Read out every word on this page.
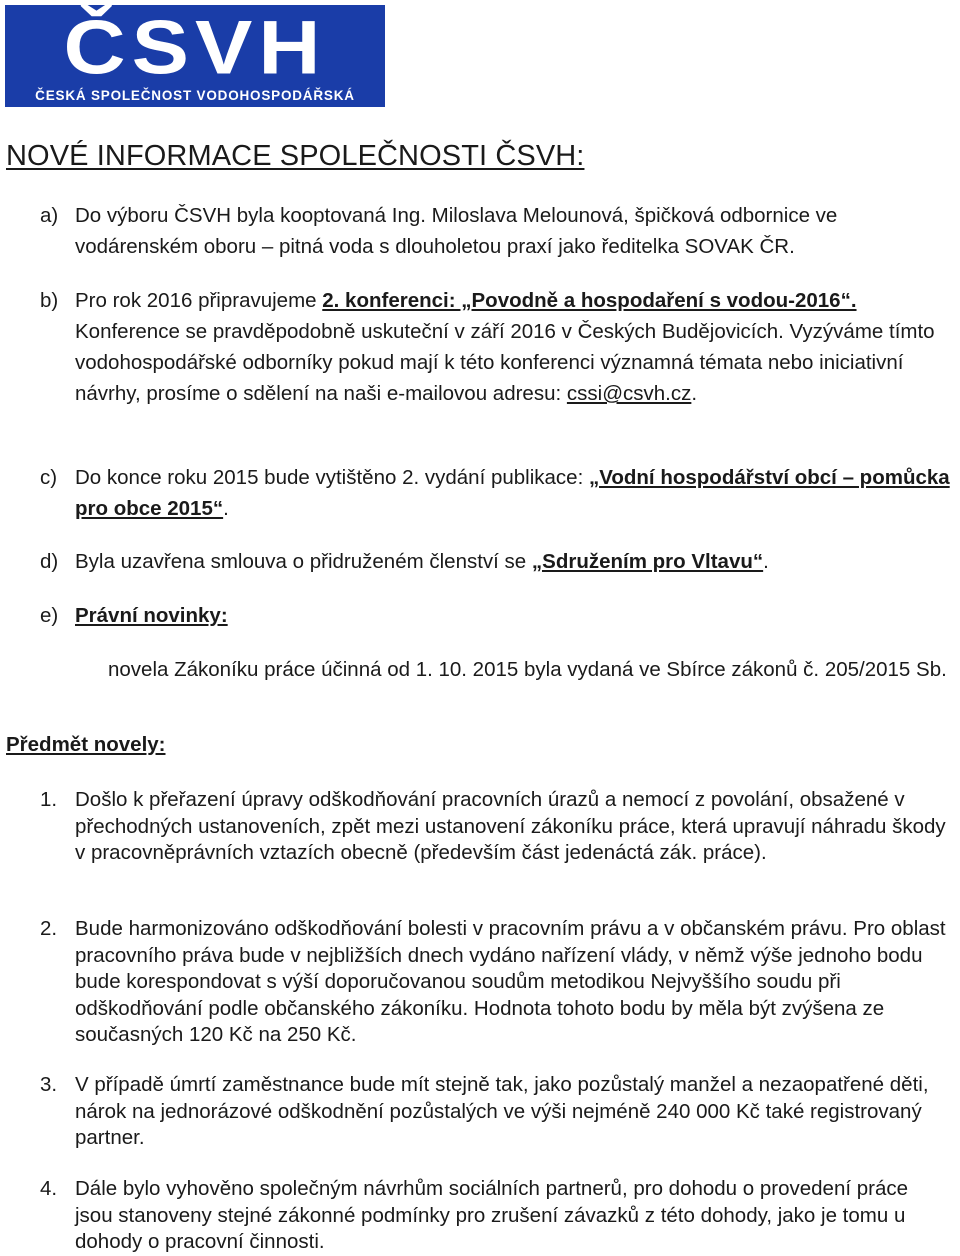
ČSVH
ČESKÁ SPOLEČNOST VODOHOSPODÁŘSKÁ
NOVÉ INFORMACE SPOLEČNOSTI ČSVH:
a) Do výboru ČSVH byla kooptovaná Ing. Miloslava Melounová, špičková odbornice ve vodárenském oboru – pitná voda s dlouholetou praxí jako ředitelka SOVAK ČR.
b) Pro rok 2016 připravujeme 2. konferenci: „Povodně a hospodaření s vodou-2016“. Konference se pravděpodobně uskuteční v září 2016 v Českých Budějovicích. Vyzýváme tímto vodohospodářské odborníky pokud mají k této konferenci významná témata nebo iniciativní návrhy, prosíme o sdělení na naši e-mailovou adresu: cssi@csvh.cz.
c) Do konce roku 2015 bude vytištěno 2. vydání publikace: „Vodní hospodářství obcí – pomůcka pro obce 2015“.
d) Byla uzavřena smlouva o přidruženém členství se „Sdružením pro Vltavu“.
e) Právní novinky:
novela Zákoníku práce účinná od 1. 10. 2015 byla vydaná ve Sbírce zákonů č. 205/2015 Sb.
Předmět novely:
1. Došlo k přeřazení úpravy odškodňování pracovních úrazů a nemocí z povolání, obsažené v přechodných ustanoveních, zpět mezi ustanovení zákoníku práce, která upravují náhradu škody v pracovněprávních vztazích obecně (především část jedenáctá zák. práce).
2. Bude harmonizováno odškodňování bolesti v pracovním právu a v občanském právu. Pro oblast pracovního práva bude v nejbližších dnech vydáno nařízení vlády, v němž výše jednoho bodu bude korespondovat s výší doporučovanou soudům metodikou Nejvyššího soudu při odškodňování podle občanského zákoníku. Hodnota tohoto bodu by měla být zvýšena ze současných 120 Kč na 250 Kč.
3. V případě úmrtí zaměstnance bude mít stejně tak, jako pozůstalý manžel a nezaopatřené děti, nárok na jednorázové odškodnění pozůstalých ve výši nejméně 240 000 Kč také registrovaný partner.
4. Dále bylo vyhověno společným návrhům sociálních partnerů, pro dohodu o provedení práce jsou stanoveny stejné zákonné podmínky pro zrušení závazků z této dohody, jako je tomu u dohody o pracovní činnosti.
